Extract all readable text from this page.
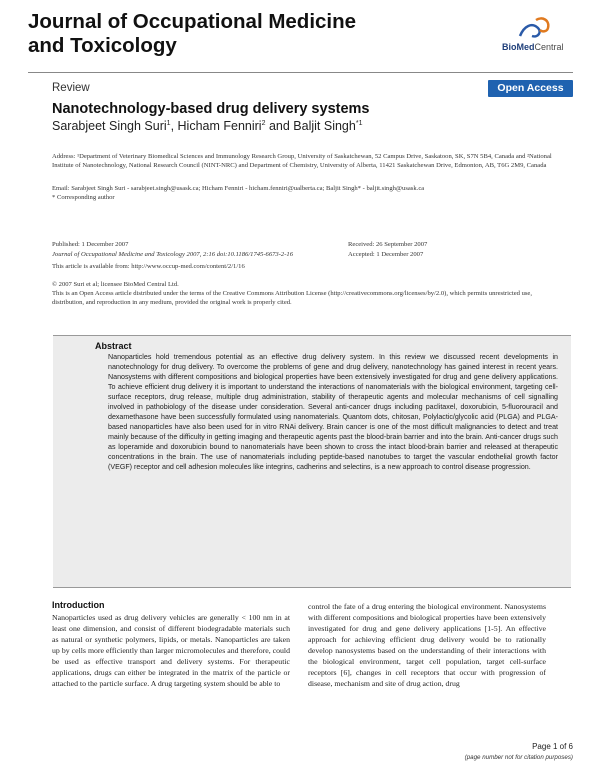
Journal of Occupational Medicine
and Toxicology	BioMedCentral
Review	Open Access
Nanotechnology-based drug delivery systems
Sarabjeet Singh Suri$^1$, Hicham Fenniri$^2$ and Baljit Singh$^{*1}$
Address: ¹Department of Veterinary Biomedical Sciences and Immunology Research Group, University of Saskatchewan, 52 Campus Drive, Saskatoon, SK, S7N 5B4, Canada and ²National Institute of Nanotechnology, National Research Council (NINT-NRC) and Department of Chemistry, University of Alberta, 11421 Saskatchewan Drive, Edmonton, AB, T6G 2M9, Canada
Email: Sarabjeet Singh Suri - sarabjeet.singh@usask.ca; Hicham Fenniri - hicham.fenniri@ualberta.ca; Baljit Singh* - baljit.singh@usask.ca
* Corresponding author
Published: 1 December 2007
Journal of Occupational Medicine and Toxicology 2007, 2:16 doi:10.1186/1745-6673-2-16
Received: 26 September 2007
Accepted: 1 December 2007
This article is available from: http://www.occup-med.com/content/2/1/16
© 2007 Suri et al; licensee BioMed Central Ltd.
This is an Open Access article distributed under the terms of the Creative Commons Attribution License (http://creativecommons.org/licenses/by/2.0), which permits unrestricted use, distribution, and reproduction in any medium, provided the original work is properly cited.
Abstract
Nanoparticles hold tremendous potential as an effective drug delivery system. In this review we discussed recent developments in nanotechnology for drug delivery. To overcome the problems of gene and drug delivery, nanotechnology has gained interest in recent years. Nanosystems with different compositions and biological properties have been extensively investigated for drug and gene delivery applications. To achieve efficient drug delivery it is important to understand the interactions of nanomaterials with the biological environment, targeting cell-surface receptors, drug release, multiple drug administration, stability of therapeutic agents and molecular mechanisms of cell signalling involved in pathobiology of the disease under consideration. Several anti-cancer drugs including paclitaxel, doxorubicin, 5-fluorouracil and dexamethasone have been successfully formulated using nanomaterials. Quantom dots, chitosan, Polylactic/glycolic acid (PLGA) and PLGA-based nanoparticles have also been used for in vitro RNAi delivery. Brain cancer is one of the most difficult malignancies to detect and treat mainly because of the difficulty in getting imaging and therapeutic agents past the blood-brain barrier and into the brain. Anti-cancer drugs such as loperamide and doxorubicin bound to nanomaterials have been shown to cross the intact blood-brain barrier and released at therapeutic concentrations in the brain. The use of nanomaterials including peptide-based nanotubes to target the vascular endothelial growth factor (VEGF) receptor and cell adhesion molecules like integrins, cadherins and selectins, is a new approach to control disease progression.
Introduction
Nanoparticles used as drug delivery vehicles are generally < 100 nm in at least one dimension, and consist of different biodegradable materials such as natural or synthetic polymers, lipids, or metals. Nanoparticles are taken up by cells more efficiently than larger micromolecules and therefore, could be used as effective transport and delivery systems. For therapeutic applications, drugs can either be integrated in the matrix of the particle or attached to the particle surface. A drug targeting system should be able to
control the fate of a drug entering the biological environment. Nanosystems with different compositions and biological properties have been extensively investigated for drug and gene delivery applications [1-5]. An effective approach for achieving efficient drug delivery would be to rationally develop nanosystems based on the understanding of their interactions with the biological environment, target cell population, target cell-surface receptors [6], changes in cell receptors that occur with progression of disease, mechanism and site of drug action, drug
Page 1 of 6
(page number not for citation purposes)
